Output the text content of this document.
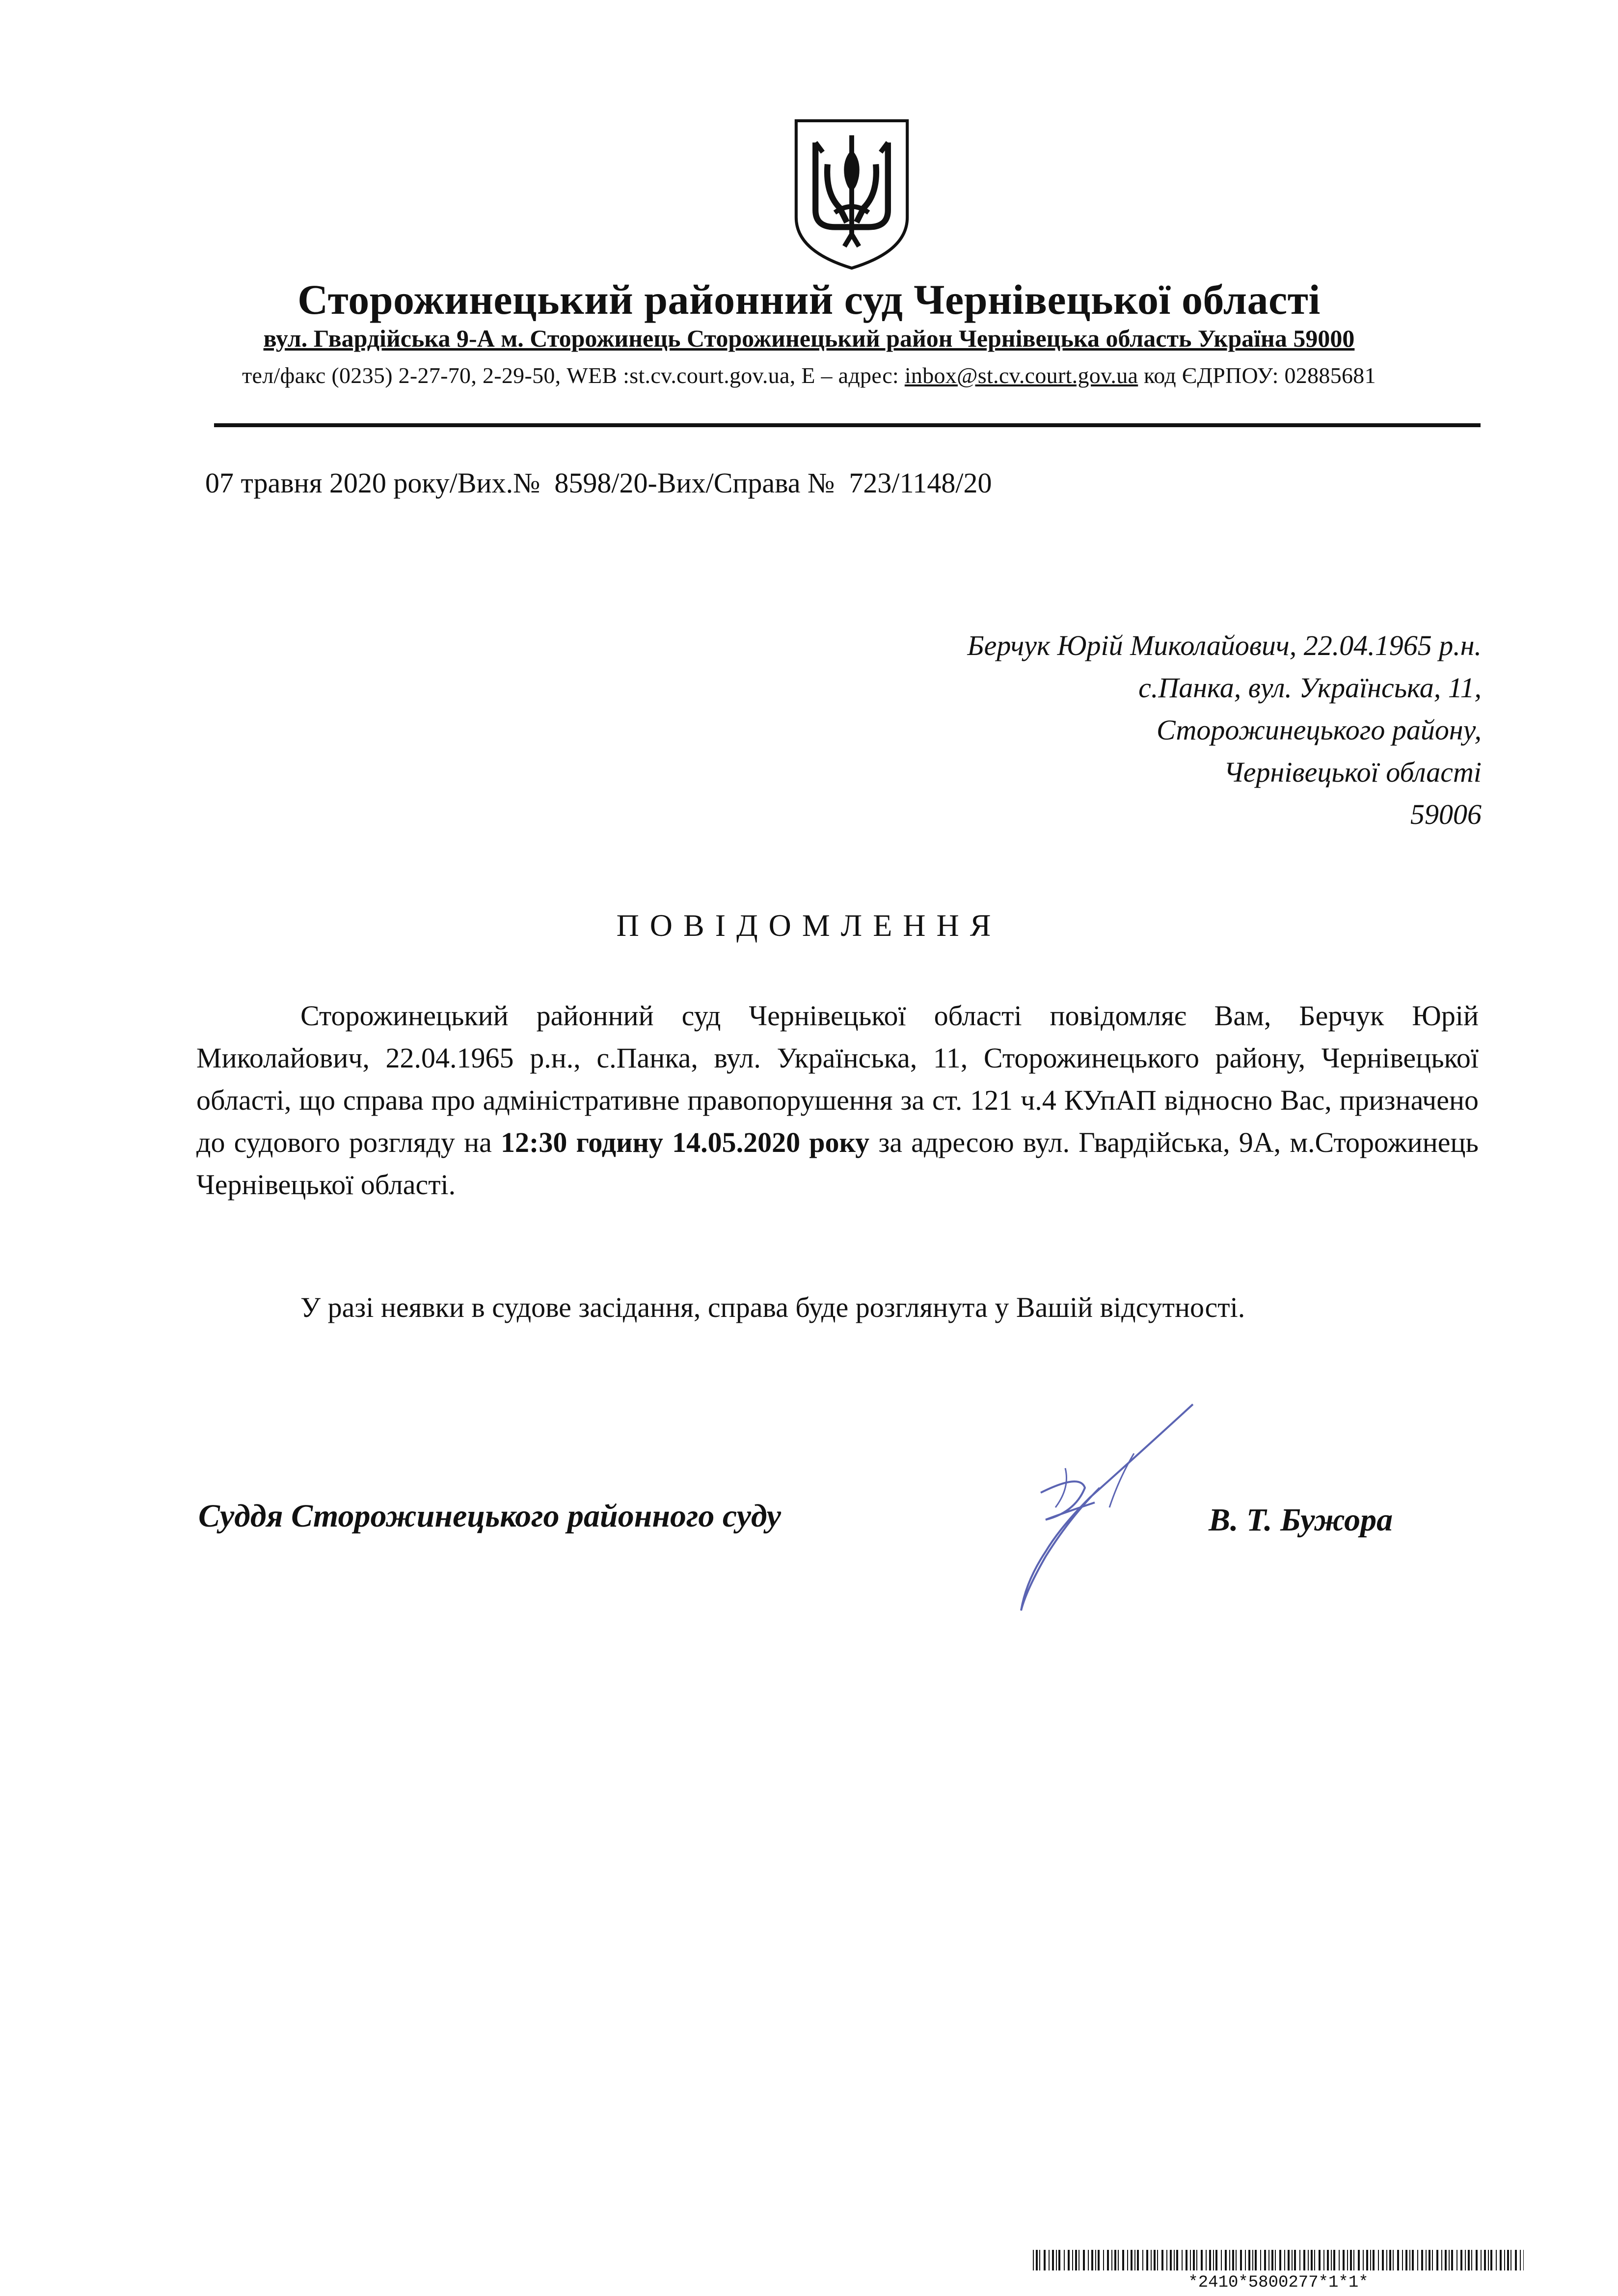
Сторожинецький районний суд Чернівецької області
вул. Гвардійська 9-А м. Сторожинець Сторожинецький район Чернівецька область Україна 59000
тел/факс (0235) 2-27-70, 2-29-50, WEB :st.cv.court.gov.ua, E – адрес: inbox@st.cv.court.gov.ua код ЄДРПОУ: 02885681
07 травня 2020 року/Вих.№  8598/20-Вих/Справа №  723/1148/20
Берчук Юрій Миколайович, 22.04.1965 р.н.
с.Панка, вул. Українська, 11,
Сторожинецького району,
Чернівецької області
59006
ПОВІДОМЛЕННЯ
Сторожинецький районний суд Чернівецької області повідомляє Вам, Берчук Юрій Миколайович, 22.04.1965 р.н., с.Панка, вул. Українська, 11, Сторожинецького району, Чернівецької області, що справа про адміністративне правопорушення за ст. 121 ч.4 КУпАП відносно Вас, призначено до судового розгляду на 12:30 годину 14.05.2020 року за адресою вул. Гвардійська, 9А, м.Сторожинець Чернівецької області.
У разі неявки в судове засідання, справа буде розглянута у Вашій відсутності.
Суддя Сторожинецького районного суду	В. Т. Бужора
*2410*5800277*1*1*
